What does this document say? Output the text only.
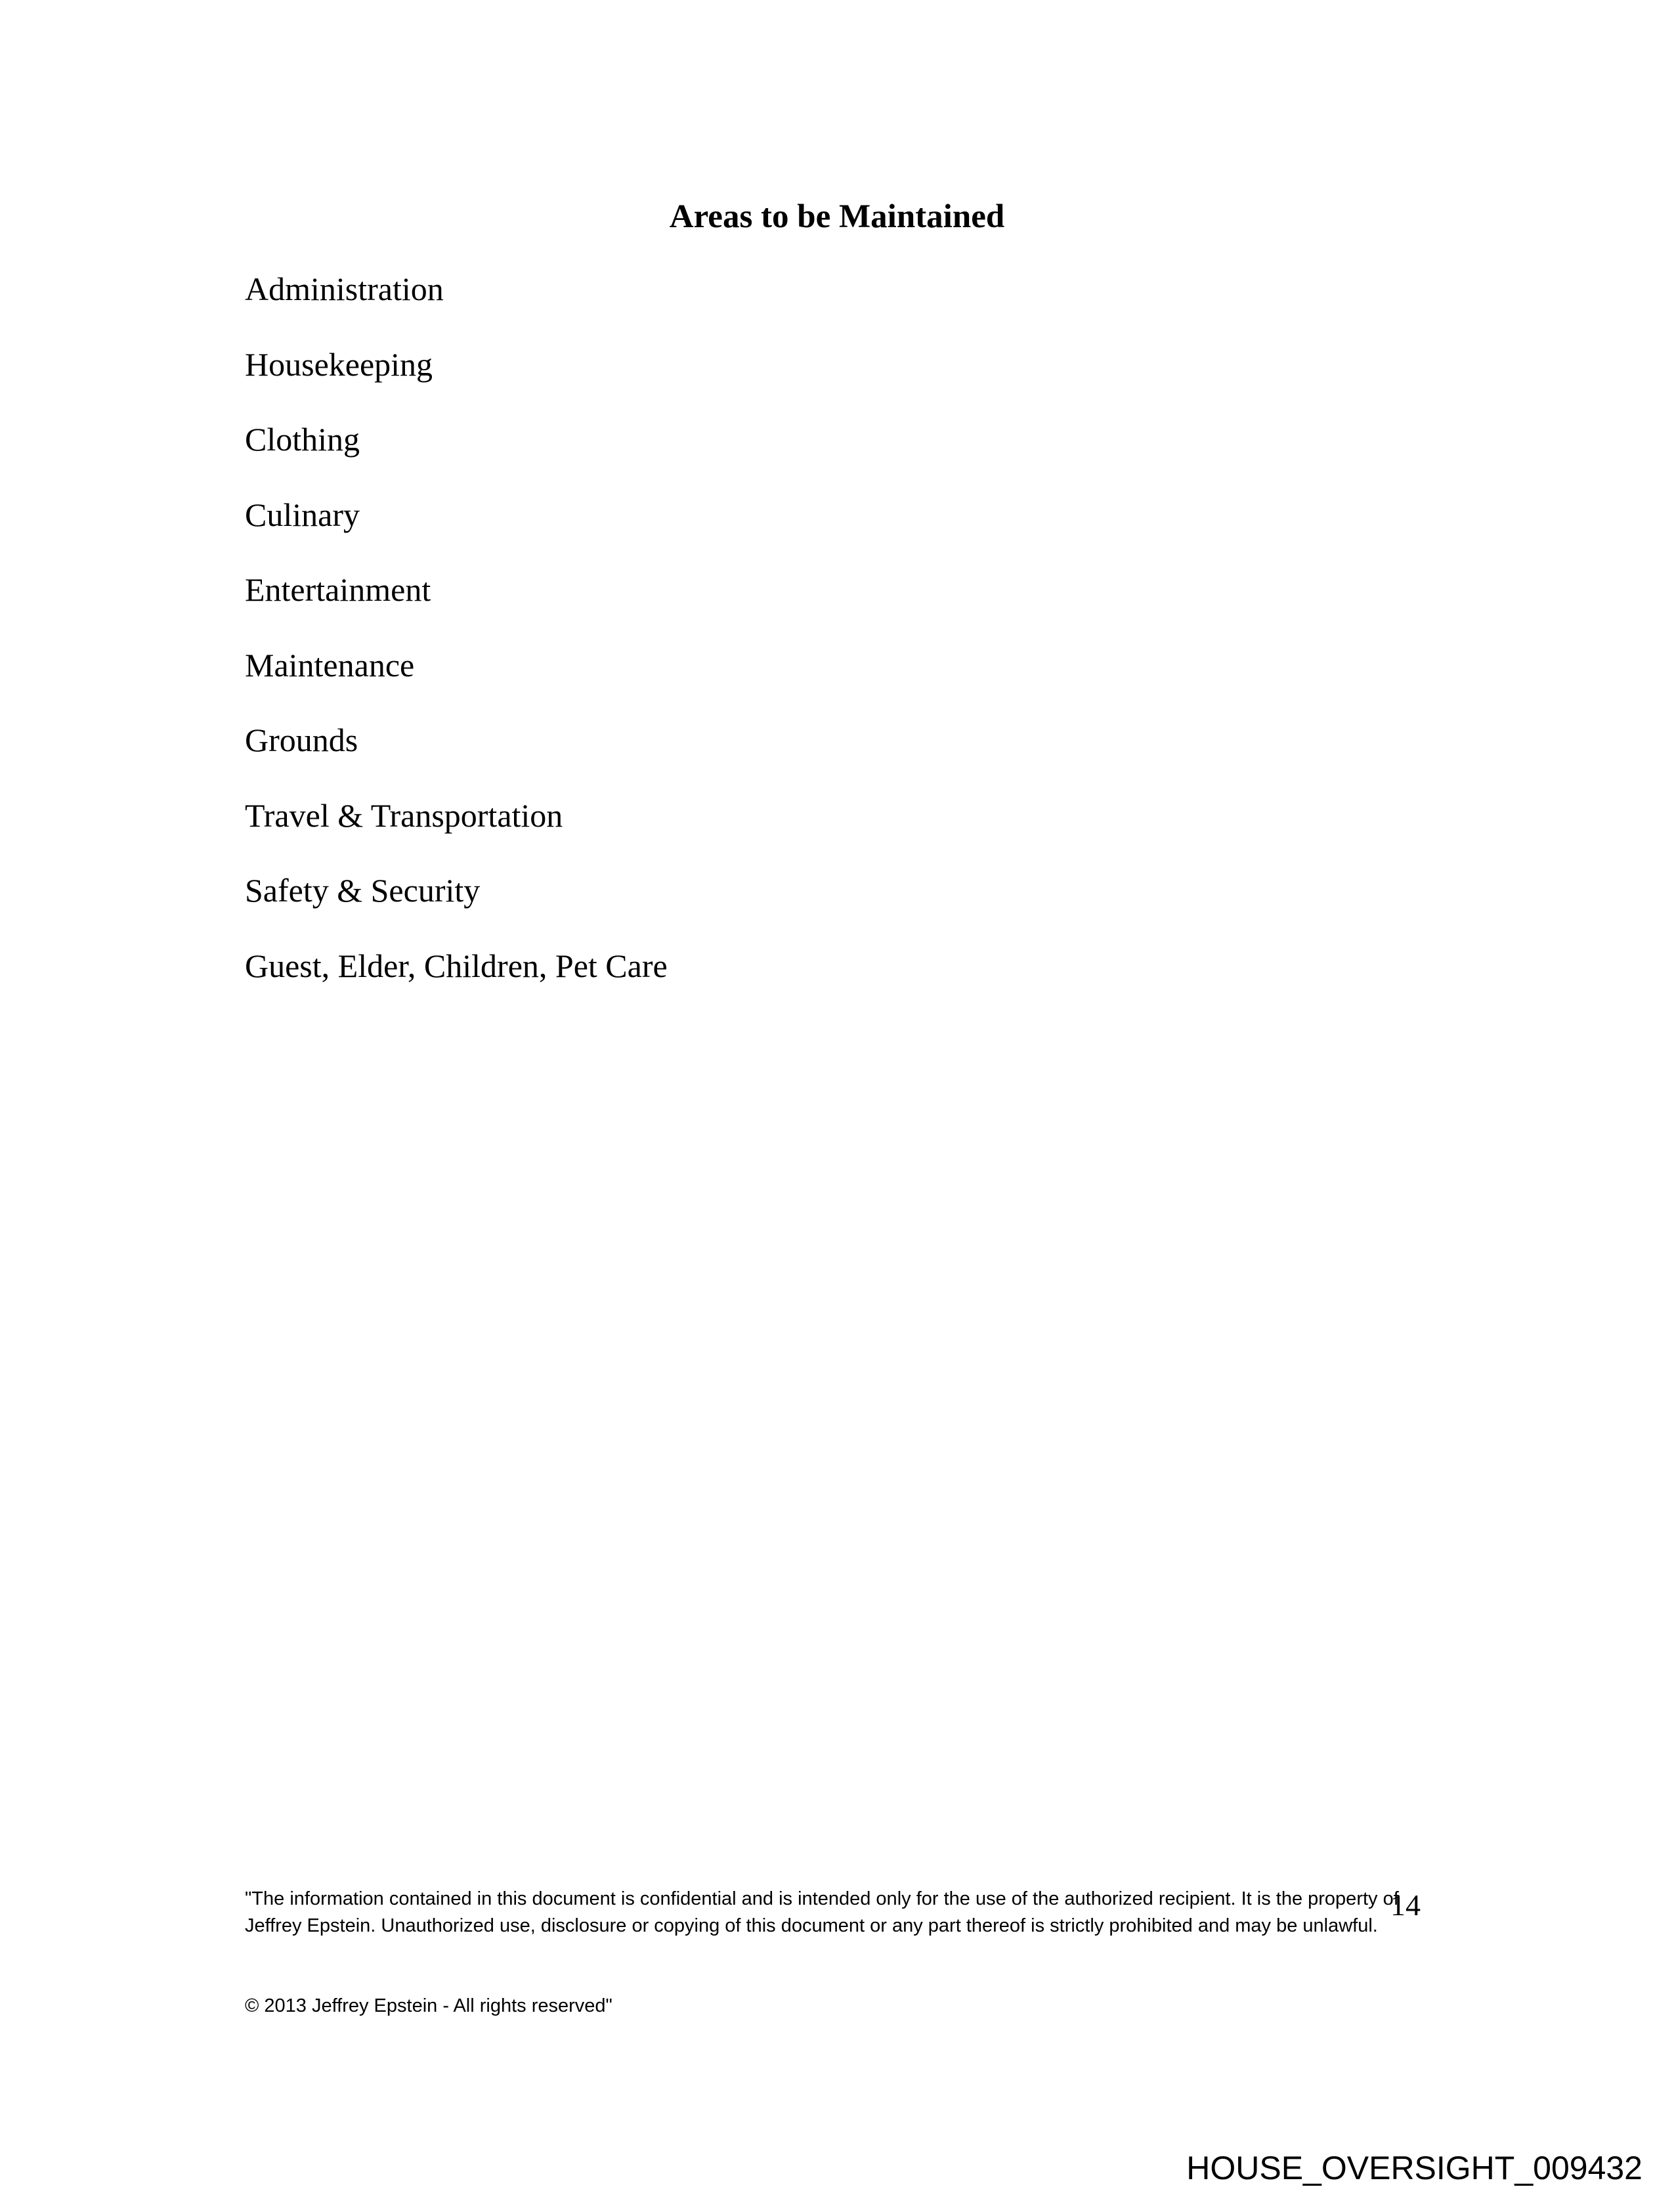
Areas to be Maintained
Administration
Housekeeping
Clothing
Culinary
Entertainment
Maintenance
Grounds
Travel & Transportation
Safety & Security
Guest, Elder, Children, Pet Care

"The information contained in this document is confidential and is intended only for the use of the authorized recipient. It is the property of Jeffrey Epstein. Unauthorized use, disclosure or copying of this document or any part thereof is strictly prohibited and may be unlawful.

14

© 2013 Jeffrey Epstein - All rights reserved"

HOUSE_OVERSIGHT_009432
